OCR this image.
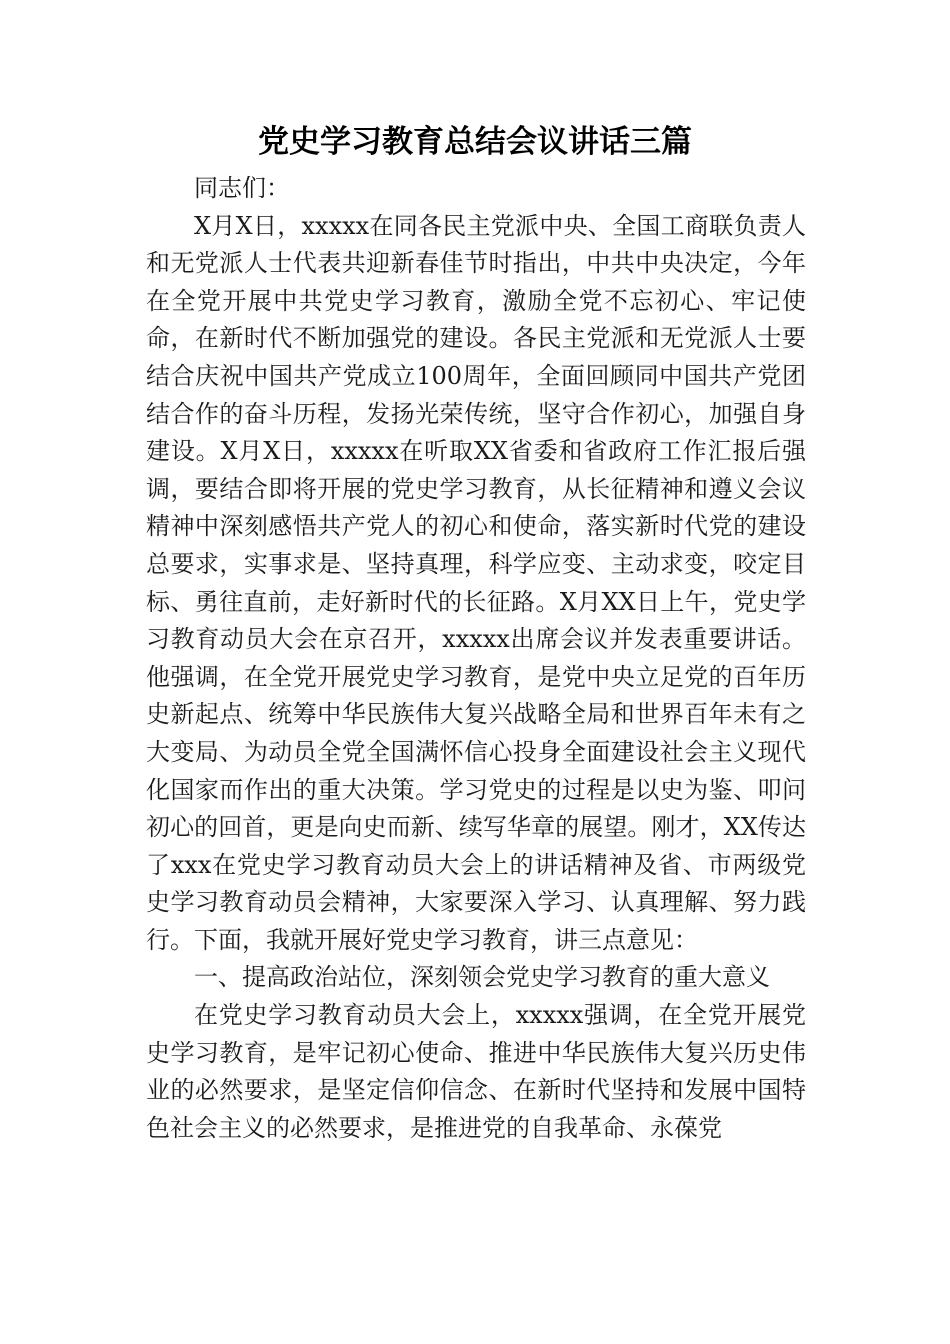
党史学习教育总结会议讲话三篇

同志们：

X月X日，xxxxx在同各民主党派中央、全国工商联负责人和无党派人士代表共迎新春佳节时指出，中共中央决定，今年在全党开展中共党史学习教育，激励全党不忘初心、牢记使命，在新时代不断加强党的建设。各民主党派和无党派人士要结合庆祝中国共产党成立100周年，全面回顾同中国共产党团结合作的奋斗历程，发扬光荣传统，坚守合作初心，加强自身建设。X月X日，xxxxx在听取XX省委和省政府工作汇报后强调，要结合即将开展的党史学习教育，从长征精神和遵义会议精神中深刻感悟共产党人的初心和使命，落实新时代党的建设总要求，实事求是、坚持真理，科学应变、主动求变，咬定目标、勇往直前，走好新时代的长征路。X月XX日上午，党史学习教育动员大会在京召开，xxxxx出席会议并发表重要讲话。他强调，在全党开展党史学习教育，是党中央立足党的百年历史新起点、统筹中华民族伟大复兴战略全局和世界百年未有之大变局、为动员全党全国满怀信心投身全面建设社会主义现代化国家而作出的重大决策。学习党史的过程是以史为鉴、叩问初心的回首，更是向史而新、续写华章的展望。刚才，XX传达了xxx在党史学习教育动员大会上的讲话精神及省、市两级党史学习教育动员会精神，大家要深入学习、认真理解、努力践行。下面，我就开展好党史学习教育，讲三点意见：

一、提高政治站位，深刻领会党史学习教育的重大意义

在党史学习教育动员大会上，xxxxx强调，在全党开展党史学习教育，是牢记初心使命、推进中华民族伟大复兴历史伟业的必然要求，是坚定信仰信念、在新时代坚持和发展中国特色社会主义的必然要求，是推进党的自我革命、永葆党
